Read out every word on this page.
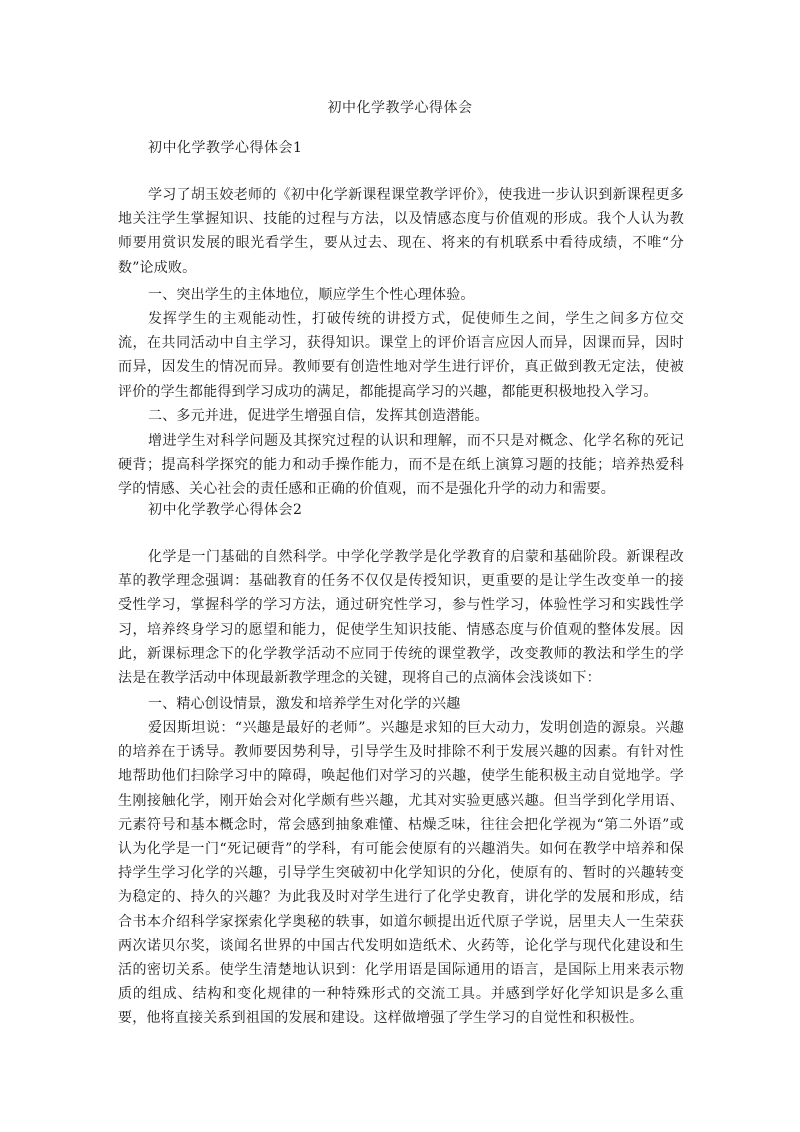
初中化学教学心得体会
初中化学教学心得体会1

学习了胡玉姣老师的《初中化学新课程课堂教学评价》，使我进一步认识到新课程更多地关注学生掌握知识、技能的过程与方法，以及情感态度与价值观的形成。我个人认为教师要用赏识发展的眼光看学生，要从过去、现在、将来的有机联系中看待成绩，不唯“分数”论成败。

一、突出学生的主体地位，顺应学生个性心理体验。

发挥学生的主观能动性，打破传统的讲授方式，促使师生之间，学生之间多方位交流，在共同活动中自主学习，获得知识。课堂上的评价语言应因人而异，因课而异，因时而异，因发生的情况而异。教师要有创造性地对学生进行评价，真正做到教无定法，使被评价的学生都能得到学习成功的满足，都能提高学习的兴趣，都能更积极地投入学习。

二、多元并进，促进学生增强自信，发挥其创造潜能。

增进学生对科学问题及其探究过程的认识和理解，而不只是对概念、化学名称的死记硬背；提高科学探究的能力和动手操作能力，而不是在纸上演算习题的技能；培养热爱科学的情感、关心社会的责任感和正确的价值观，而不是强化升学的动力和需要。

初中化学教学心得体会2

化学是一门基础的自然科学。中学化学教学是化学教育的启蒙和基础阶段。新课程改革的教学理念强调：基础教育的任务不仅仅是传授知识，更重要的是让学生改变单一的接受性学习，掌握科学的学习方法，通过研究性学习，参与性学习，体验性学习和实践性学习，培养终身学习的愿望和能力，促使学生知识技能、情感态度与价值观的整体发展。因此，新课标理念下的化学教学活动不应同于传统的课堂教学，改变教师的教法和学生的学法是在教学活动中体现最新教学理念的关键，现将自己的点滴体会浅谈如下：

一、精心创设情景，激发和培养学生对化学的兴趣

爱因斯坦说：“兴趣是最好的老师”。兴趣是求知的巨大动力，发明创造的源泉。兴趣的培养在于诱导。教师要因势利导，引导学生及时排除不利于发展兴趣的因素。有针对性地帮助他们扫除学习中的障碍，唤起他们对学习的兴趣，使学生能积极主动自觉地学。学生刚接触化学，刚开始会对化学颇有些兴趣，尤其对实验更感兴趣。但当学到化学用语、元素符号和基本概念时，常会感到抽象难懂、枯燥乏味，往往会把化学视为“第二外语”或认为化学是一门“死记硬背”的学科，有可能会使原有的兴趣消失。如何在教学中培养和保持学生学习化学的兴趣，引导学生突破初中化学知识的分化，使原有的、暂时的兴趣转变为稳定的、持久的兴趣？为此我及时对学生进行了化学史教育，讲化学的发展和形成，结合书本介绍科学家探索化学奥秘的轶事，如道尔顿提出近代原子学说，居里夫人一生荣获两次诺贝尔奖，谈闻名世界的中国古代发明如造纸术、火药等，论化学与现代化建设和生活的密切关系。使学生清楚地认识到：化学用语是国际通用的语言，是国际上用来表示物质的组成、结构和变化规律的一种特殊形式的交流工具。并感到学好化学知识是多么重要，他将直接关系到祖国的发展和建设。这样做增强了学生学习的自觉性和积极性。
